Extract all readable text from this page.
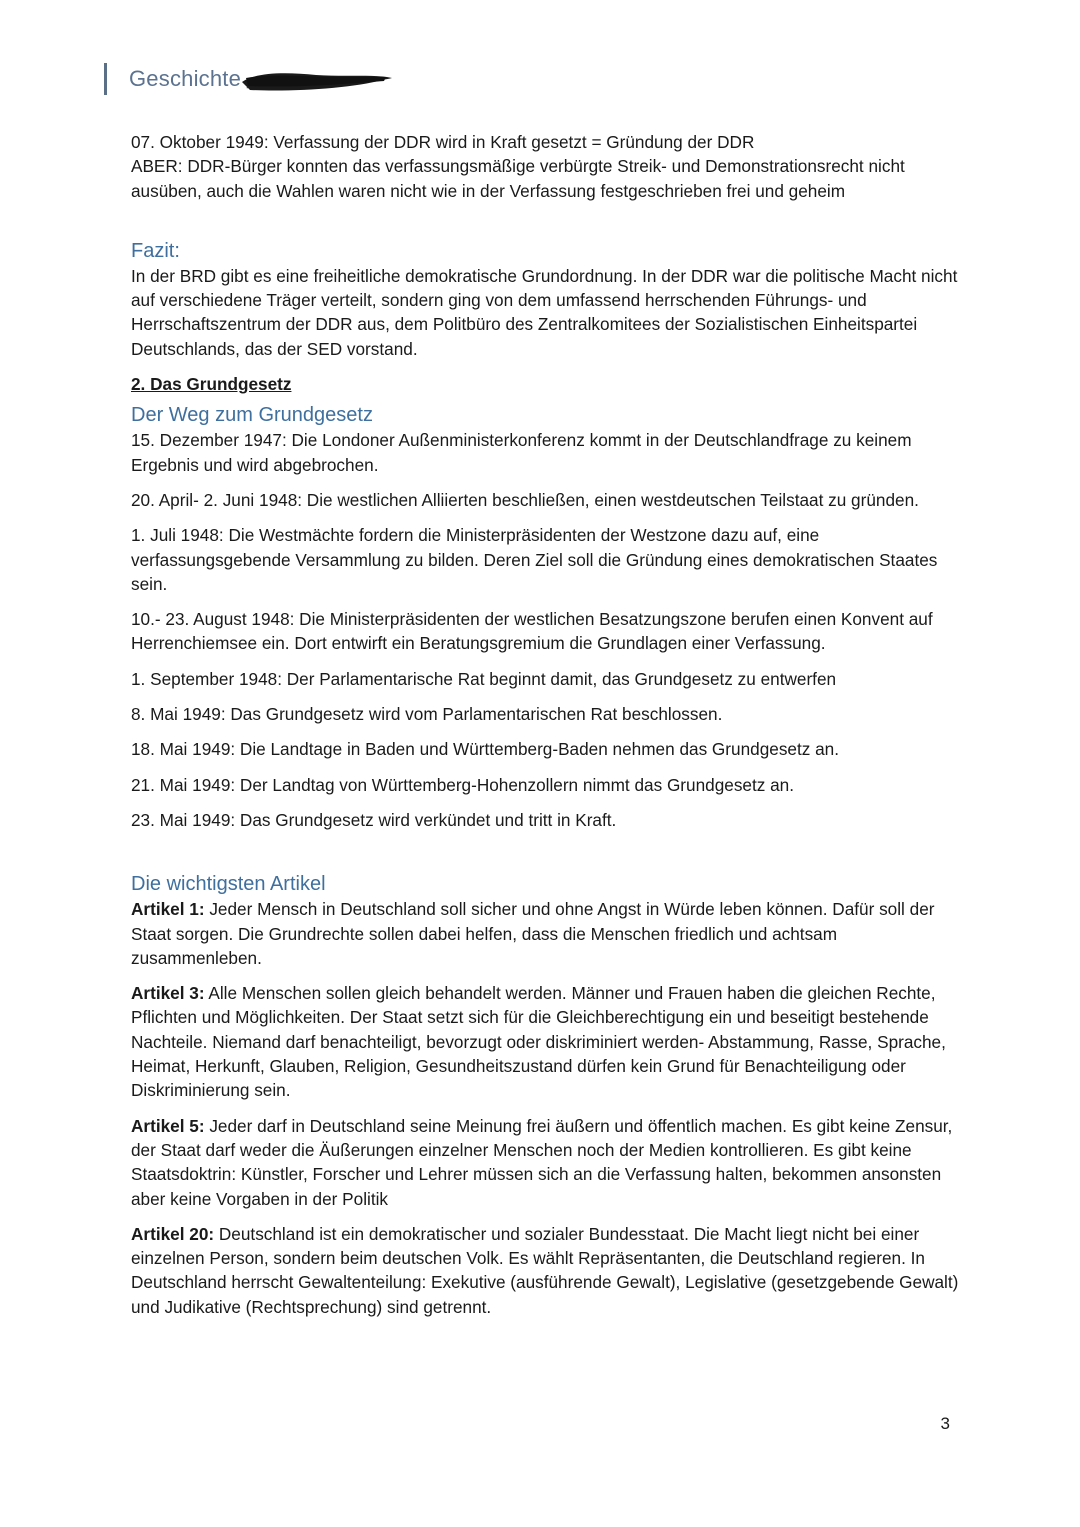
Geschichte

07. Oktober 1949: Verfassung der DDR wird in Kraft gesetzt = Gründung der DDR

ABER: DDR-Bürger konnten das verfassungsmäßige verbürgte Streik- und Demonstrationsrecht nicht ausüben, auch die Wahlen waren nicht wie in der Verfassung festgeschrieben frei und geheim

Fazit:

In der BRD gibt es eine freiheitliche demokratische Grundordnung. In der DDR war die politische Macht nicht auf verschiedene Träger verteilt, sondern ging von dem umfassend herrschenden Führungs- und Herrschaftszentrum der DDR aus, dem Politbüro des Zentralkomitees der Sozialistischen Einheitspartei Deutschlands, das der SED vorstand.

2. Das Grundgesetz

Der Weg zum Grundgesetz

15. Dezember 1947: Die Londoner Außenministerkonferenz kommt in der Deutschlandfrage zu keinem Ergebnis und wird abgebrochen.

20. April- 2. Juni 1948: Die westlichen Alliierten beschließen, einen westdeutschen Teilstaat zu gründen.

1. Juli 1948: Die Westmächte fordern die Ministerpräsidenten der Westzone dazu auf, eine verfassungsgebende Versammlung zu bilden. Deren Ziel soll die Gründung eines demokratischen Staates sein.

10.- 23. August 1948: Die Ministerpräsidenten der westlichen Besatzungszone berufen einen Konvent auf Herrenchiemsee ein. Dort entwirft ein Beratungsgremium die Grundlagen einer Verfassung.

1. September 1948: Der Parlamentarische Rat beginnt damit, das Grundgesetz zu entwerfen

8. Mai 1949: Das Grundgesetz wird vom Parlamentarischen Rat beschlossen.

18. Mai 1949: Die Landtage in Baden und Württemberg-Baden nehmen das Grundgesetz an.

21. Mai 1949: Der Landtag von Württemberg-Hohenzollern nimmt das Grundgesetz an.

23. Mai 1949: Das Grundgesetz wird verkündet und tritt in Kraft.

Die wichtigsten Artikel

Artikel 1: Jeder Mensch in Deutschland soll sicher und ohne Angst in Würde leben können. Dafür soll der Staat sorgen. Die Grundrechte sollen dabei helfen, dass die Menschen friedlich und achtsam zusammenleben.

Artikel 3: Alle Menschen sollen gleich behandelt werden. Männer und Frauen haben die gleichen Rechte, Pflichten und Möglichkeiten. Der Staat setzt sich für die Gleichberechtigung ein und beseitigt bestehende Nachteile. Niemand darf benachteiligt, bevorzugt oder diskriminiert werden- Abstammung, Rasse, Sprache, Heimat, Herkunft, Glauben, Religion, Gesundheitszustand dürfen kein Grund für Benachteiligung oder Diskriminierung sein.

Artikel 5: Jeder darf in Deutschland seine Meinung frei äußern und öffentlich machen. Es gibt keine Zensur, der Staat darf weder die Äußerungen einzelner Menschen noch der Medien kontrollieren. Es gibt keine Staatsdoktrin: Künstler, Forscher und Lehrer müssen sich an die Verfassung halten, bekommen ansonsten aber keine Vorgaben in der Politik

Artikel 20: Deutschland ist ein demokratischer und sozialer Bundesstaat. Die Macht liegt nicht bei einer einzelnen Person, sondern beim deutschen Volk. Es wählt Repräsentanten, die Deutschland regieren. In Deutschland herrscht Gewaltenteilung: Exekutive (ausführende Gewalt), Legislative (gesetzgebende Gewalt) und Judikative (Rechtsprechung) sind getrennt.

3
